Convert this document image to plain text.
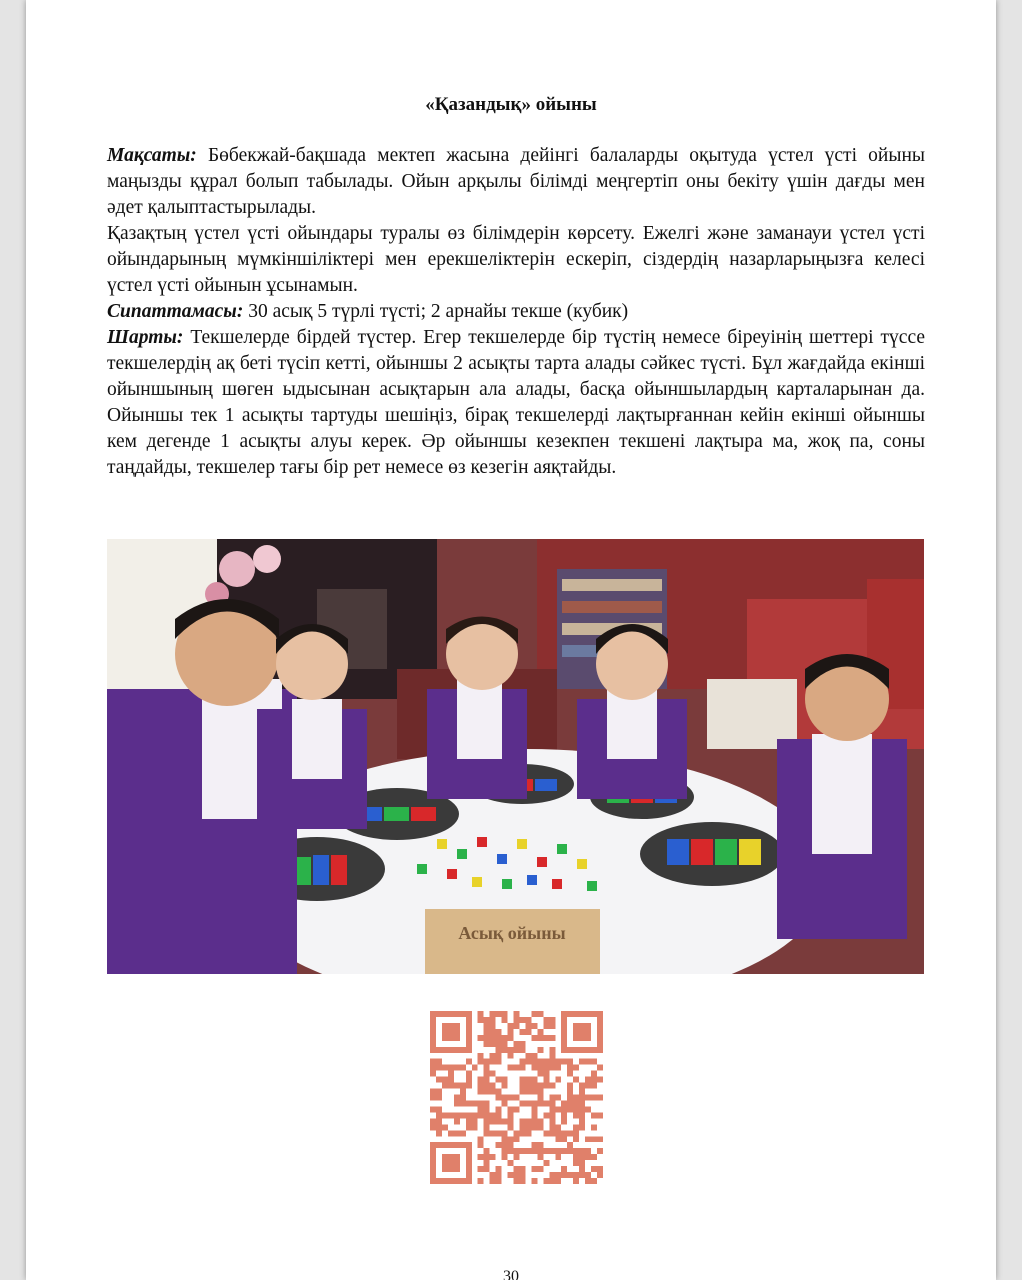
«Қазандық» ойыны

Мақсаты: Бөбекжай-бақшада мектеп жасына дейінгі балаларды оқытуда үстел үсті ойыны маңызды құрал болып табылады. Ойын арқылы білімді меңгертіп оны бекіту үшін дағды мен әдет қалыптастырылады.

Қазақтың үстел үсті ойындары туралы өз білімдерін көрсету. Ежелгі және заманауи үстел үсті ойындарының мүмкіншіліктері мен ерекшеліктерін ескеріп, сіздердің назарларыңызға келесі үстел үсті ойынын ұсынамын.

Сипаттамасы: 30 асық 5 түрлі түсті; 2 арнайы текше (кубик)

Шарты: Текшелерде бірдей түстер. Егер текшелерде бір түстің немесе біреуінің шеттері түссе текшелердің ақ беті түсіп кетті, ойыншы 2 асықты тарта алады сәйкес түсті. Бұл жағдайда екінші ойыншының шөген ыдысынан асықтарын ала алады, басқа ойыншылардың карталарынан да. Ойыншы тек 1 асықты тартуды шешіңіз, бірақ текшелерді лақтырғаннан кейін екінші ойыншы кем дегенде 1 асықты алуы керек. Әр ойыншы кезекпен текшені лақтыра ма, жоқ па, соны таңдайды, текшелер тағы бір рет немесе өз кезегін аяқтайды.

Асық ойыны
30
